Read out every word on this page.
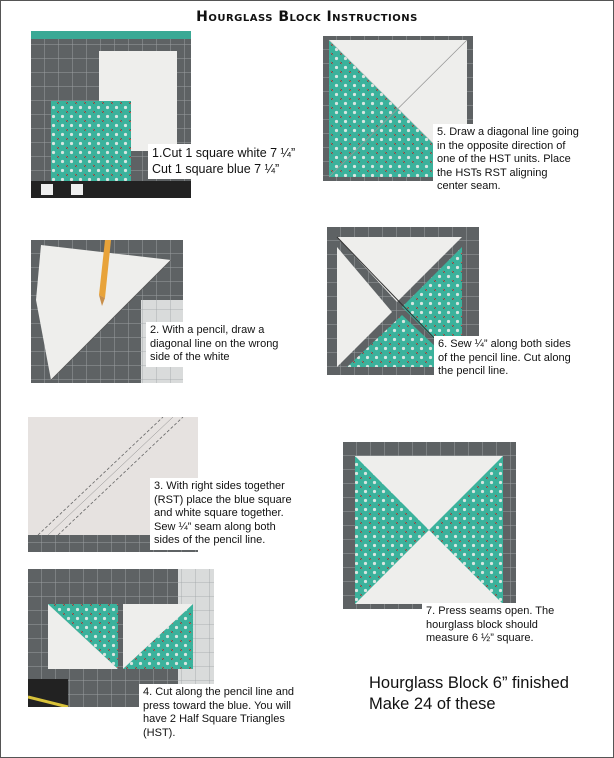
Hourglass Block Instructions
1.Cut 1 square white 7 ¼”
Cut 1 square blue 7 ¼”
2. With a pencil, draw a
diagonal line on the wrong
side of the white
3. With right sides together
(RST) place the blue square
and white square together.
Sew ¼” seam along both
sides of the pencil line.
4. Cut along the pencil line and
press toward the blue. You will
have 2 Half Square Triangles
(HST).
5. Draw a diagonal line going
in the opposite direction of
one of the HST units. Place
the HSTs RST aligning
center seam.
6. Sew ¼” along both sides
of the pencil line. Cut along
the pencil line.
7. Press seams open. The
hourglass block should
measure 6 ½” square.
Hourglass Block 6” finished
Make 24 of these
